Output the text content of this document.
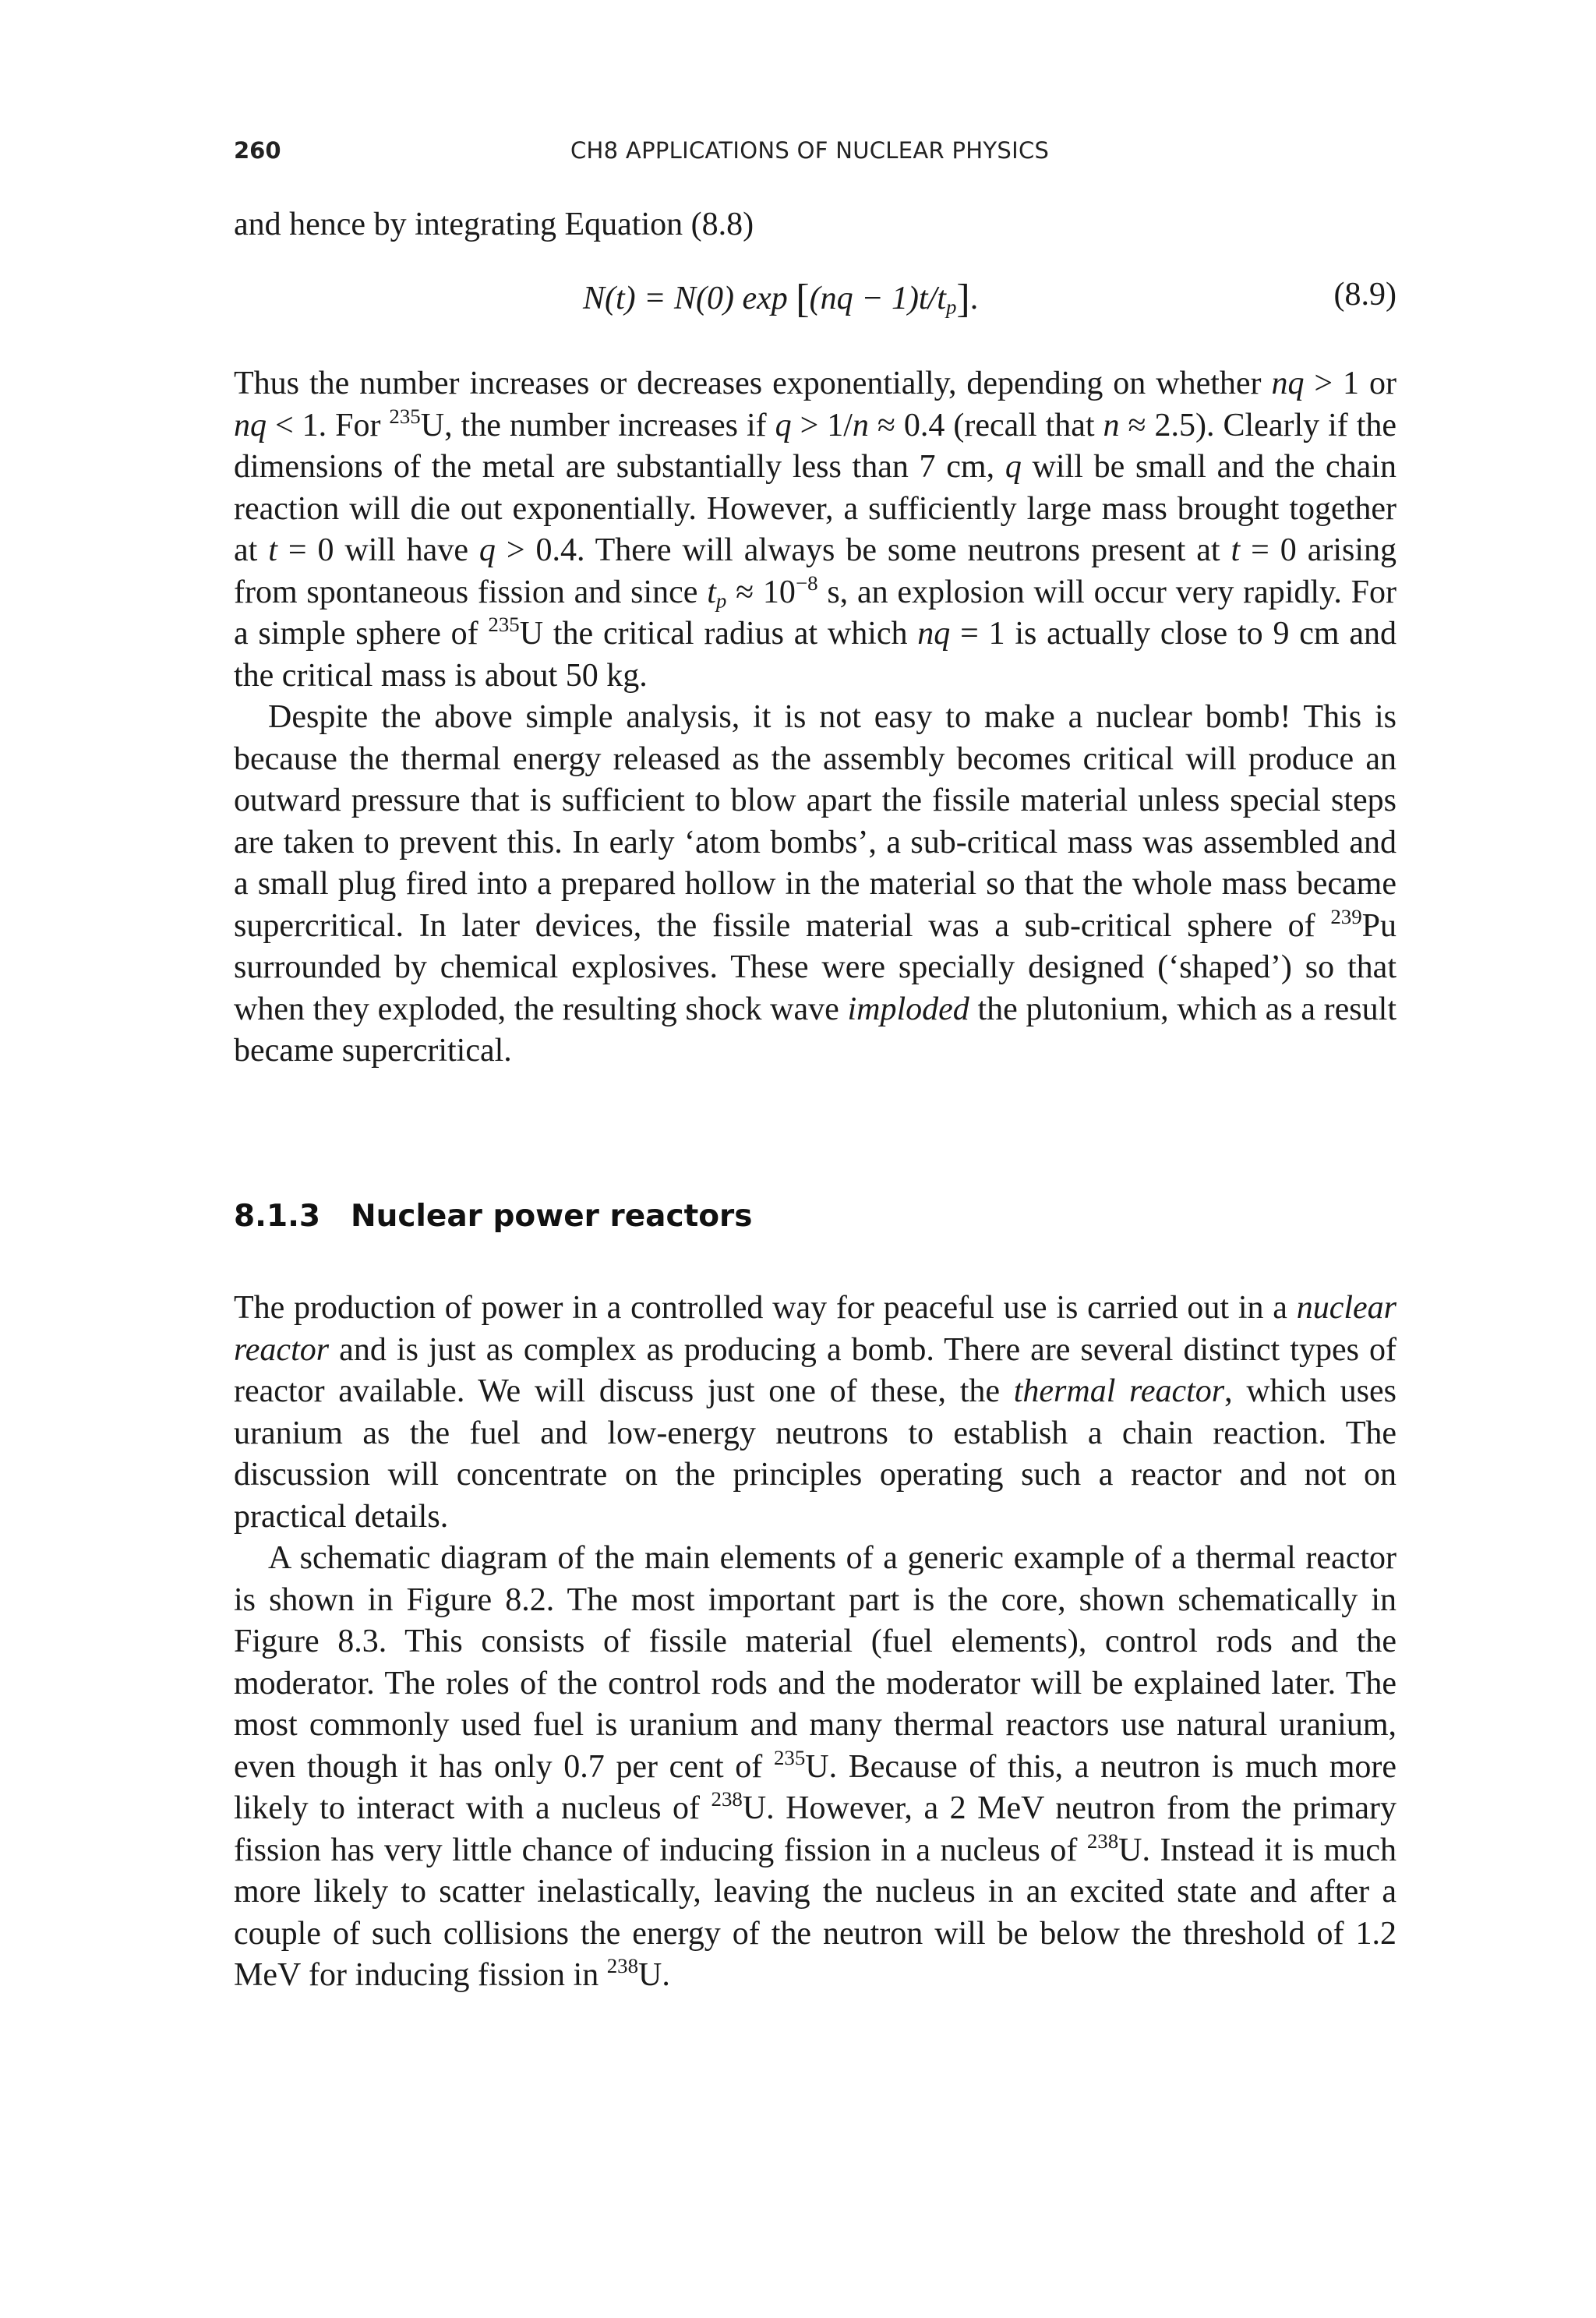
260	CH8 APPLICATIONS OF NUCLEAR PHYSICS

and hence by integrating Equation (8.8)

N(t) = N(0) $\exp [(nq - 1)t/t_p]$.	(8.9)

Thus the number increases or decreases exponentially, depending on whether nq > 1 or nq < 1. For $^{235}$U, the number increases if q > 1/n ≈ 0.4 (recall that n ≈ 2.5). Clearly if the dimensions of the metal are substantially less than 7 cm, q will be small and the chain reaction will die out exponentially. However, a sufficiently large mass brought together at t = 0 will have q > 0.4. There will always be some neutrons present at t = 0 arising from spontaneous fission and since $t_p \approx 10^{-8}$ s, an explosion will occur very rapidly. For a simple sphere of $^{235}$U the critical radius at which nq = 1 is actually close to 9 cm and the critical mass is about 50 kg.

Despite the above simple analysis, it is not easy to make a nuclear bomb! This is because the thermal energy released as the assembly becomes critical will produce an outward pressure that is sufficient to blow apart the fissile material unless special steps are taken to prevent this. In early ‘atom bombs’, a sub-critical mass was assembled and a small plug fired into a prepared hollow in the material so that the whole mass became supercritical. In later devices, the fissile material was a sub-critical sphere of $^{239}$Pu surrounded by chemical explosives. These were specially designed (‘shaped’) so that when they exploded, the resulting shock wave imploded the plutonium, which as a result became supercritical.

8.1.3 Nuclear power reactors

The production of power in a controlled way for peaceful use is carried out in a nuclear reactor and is just as complex as producing a bomb. There are several distinct types of reactor available. We will discuss just one of these, the thermal reactor, which uses uranium as the fuel and low-energy neutrons to establish a chain reaction. The discussion will concentrate on the principles operating such a reactor and not on practical details.

A schematic diagram of the main elements of a generic example of a thermal reactor is shown in Figure 8.2. The most important part is the core, shown schematically in Figure 8.3. This consists of fissile material (fuel elements), control rods and the moderator. The roles of the control rods and the moderator will be explained later. The most commonly used fuel is uranium and many thermal reactors use natural uranium, even though it has only 0.7 per cent of $^{235}$U. Because of this, a neutron is much more likely to interact with a nucleus of $^{238}$U. However, a 2 MeV neutron from the primary fission has very little chance of inducing fission in a nucleus of $^{238}$U. Instead it is much more likely to scatter inelastically, leaving the nucleus in an excited state and after a couple of such collisions the energy of the neutron will be below the threshold of 1.2 MeV for inducing fission in $^{238}$U.
